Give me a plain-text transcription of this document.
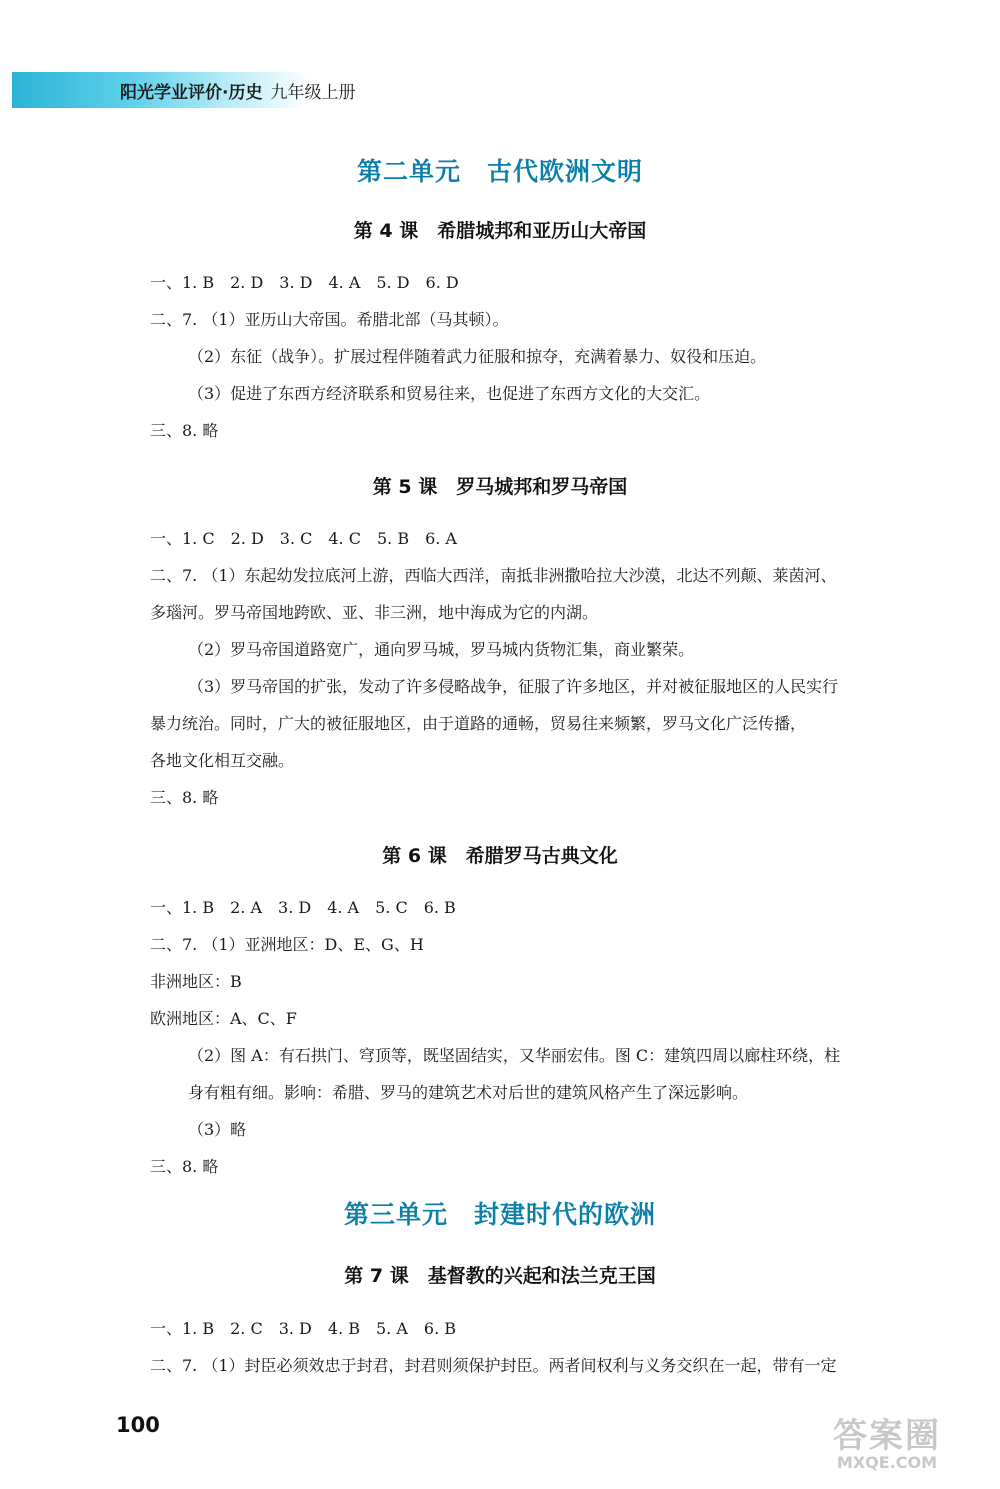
阳光学业评价·历史 九年级上册
第二单元　古代欧洲文明
第 4 课　希腊城邦和亚历山大帝国
一、1. B　2. D　3. D　4. A　5. D　6. D
二、7. （1）亚历山大帝国。希腊北部（马其顿）。
（2）东征（战争）。扩展过程伴随着武力征服和掠夺，充满着暴力、奴役和压迫。
（3）促进了东西方经济联系和贸易往来，也促进了东西方文化的大交汇。
三、8. 略
第 5 课　罗马城邦和罗马帝国
一、1. C　2. D　3. C　4. C　5. B　6. A
二、7. （1）东起幼发拉底河上游，西临大西洋，南抵非洲撒哈拉大沙漠，北达不列颠、莱茵河、
多瑙河。罗马帝国地跨欧、亚、非三洲，地中海成为它的内湖。
（2）罗马帝国道路宽广，通向罗马城，罗马城内货物汇集，商业繁荣。
（3）罗马帝国的扩张，发动了许多侵略战争，征服了许多地区，并对被征服地区的人民实行
暴力统治。同时，广大的被征服地区，由于道路的通畅，贸易往来频繁，罗马文化广泛传播，
各地文化相互交融。
三、8. 略
第 6 课　希腊罗马古典文化
一、1. B　2. A　3. D　4. A　5. C　6. B
二、7. （1）亚洲地区：D、E、G、H
非洲地区：B
欧洲地区：A、C、F
（2）图 A：有石拱门、穹顶等，既坚固结实，又华丽宏伟。图 C：建筑四周以廊柱环绕，柱
身有粗有细。影响：希腊、罗马的建筑艺术对后世的建筑风格产生了深远影响。
（3）略
三、8. 略
第三单元　封建时代的欧洲
第 7 课　基督教的兴起和法兰克王国
一、1. B　2. C　3. D　4. B　5. A　6. B
二、7. （1）封臣必须效忠于封君，封君则须保护封臣。两者间权利与义务交织在一起，带有一定
100	答案圈
MXQE.COM
